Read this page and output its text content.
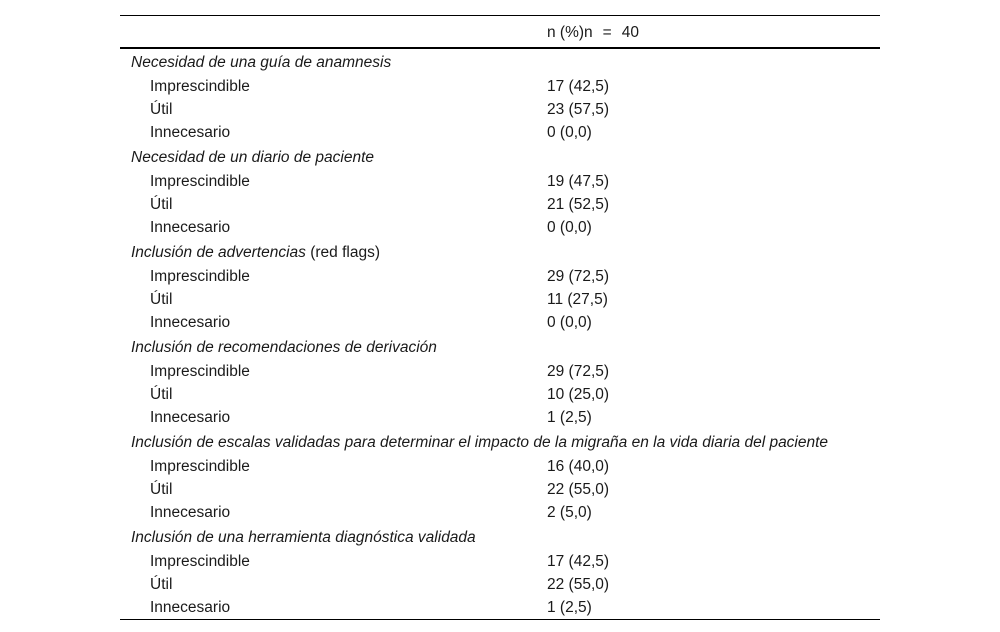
n (%)n = 40
Necesidad de una guía de anamnesis
Imprescindible	17 (42,5)
Útil	23 (57,5)
Innecesario	0 (0,0)
Necesidad de un diario de paciente
Imprescindible	19 (47,5)
Útil	21 (52,5)
Innecesario	0 (0,0)
Inclusión de advertencias (red flags)
Imprescindible	29 (72,5)
Útil	11 (27,5)
Innecesario	0 (0,0)
Inclusión de recomendaciones de derivación
Imprescindible	29 (72,5)
Útil	10 (25,0)
Innecesario	1 (2,5)
Inclusión de escalas validadas para determinar el impacto de la migraña en la vida diaria del paciente
Imprescindible	16 (40,0)
Útil	22 (55,0)
Innecesario	2 (5,0)
Inclusión de una herramienta diagnóstica validada
Imprescindible	17 (42,5)
Útil	22 (55,0)
Innecesario	1 (2,5)
